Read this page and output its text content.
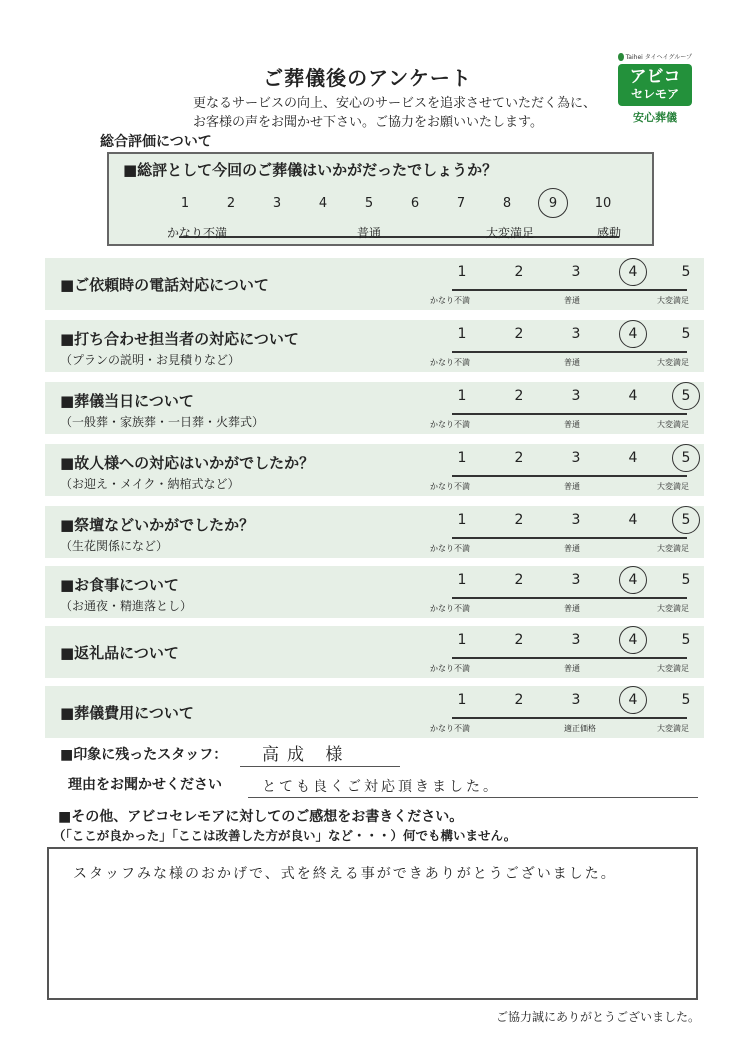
ご葬儀後のアンケート
更なるサービスの向上、安心のサービスを追求させていただく為に、
お客様の声をお聞かせ下さい。ご協力をお願いいたします。
Taihei タイヘイグループ
アビコ
セレモア
安心葬儀
総合評価について
■総評として今回のご葬儀はいかがだったでしょうか？
かなり不満	普通	大変満足	感動
1	2	3	4	5	6	7	8	9	10
■ご依頼時の電話対応について
1	2	3	4	5
かなり不満	普通	大変満足
■打ち合わせ担当者の対応について
（プランの説明・お見積りなど）
1	2	3	4	5
かなり不満	普通	大変満足
■葬儀当日について
（一般葬・家族葬・一日葬・火葬式）
1	2	3	4	5
かなり不満	普通	大変満足
■故人様への対応はいかがでしたか？
（お迎え・メイク・納棺式など）
1	2	3	4	5
かなり不満	普通	大変満足
■祭壇などいかがでしたか？
（生花関係になど）
1	2	3	4	5
かなり不満	普通	大変満足
■お食事について
（お通夜・精進落とし）
1	2	3	4	5
かなり不満	普通	大変満足
■返礼品について
1	2	3	4	5
かなり不満	普通	大変満足
■葬儀費用について
1	2	3	4	5
かなり不満	適正価格	大変満足
■印象に残ったスタッフ： 高成 様
理由をお聞かせください	とても良くご対応頂きました。
■その他、アビコセレモアに対してのご感想をお書きください。
（「ここが良かった」「ここは改善した方が良い」など・・・）何でも構いません。
スタッフみな様のおかげで、式を終える事ができありがとうございました。
ご協力誠にありがとうございました。
